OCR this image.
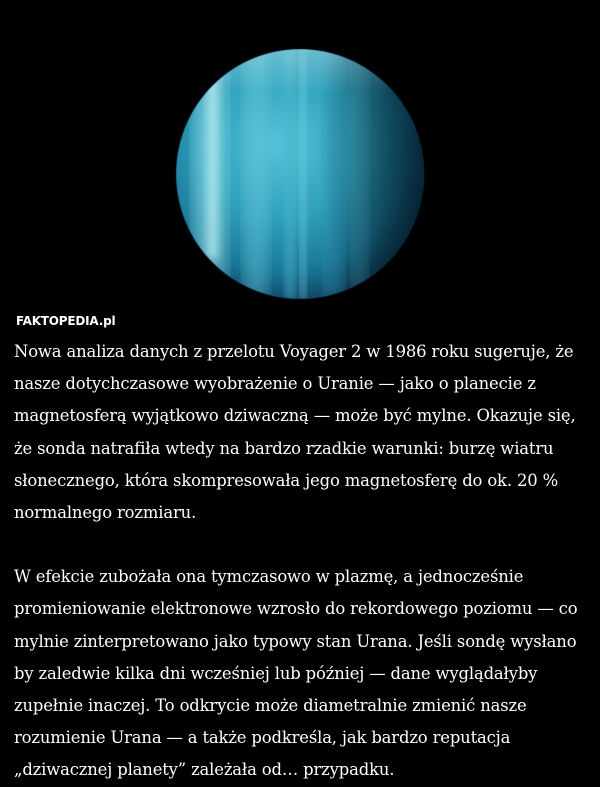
FAKTOPEDIA.pl

Nowa analiza danych z przelotu Voyager 2 w 1986 roku sugeruje, że nasze dotychczasowe wyobrażenie o Uranie — jako o planecie z magnetosferą wyjątkowo dziwaczną — może być mylne. Okazuje się, że sonda natrafiła wtedy na bardzo rzadkie warunki: burzę wiatru słonecznego, która skompresowała jego magnetosferę do ok. 20 % normalnego rozmiaru.

W efekcie zubożała ona tymczasowo w plazmę, a jednocześnie promieniowanie elektronowe wzrosło do rekordowego poziomu — co mylnie zinterpretowano jako typowy stan Urana. Jeśli sondę wysłano by zaledwie kilka dni wcześniej lub później — dane wyglądałyby zupełnie inaczej. To odkrycie może diametralnie zmienić nasze rozumienie Urana — a także podkreśla, jak bardzo reputacja „dziwacznej planety” zależała od… przypadku.
